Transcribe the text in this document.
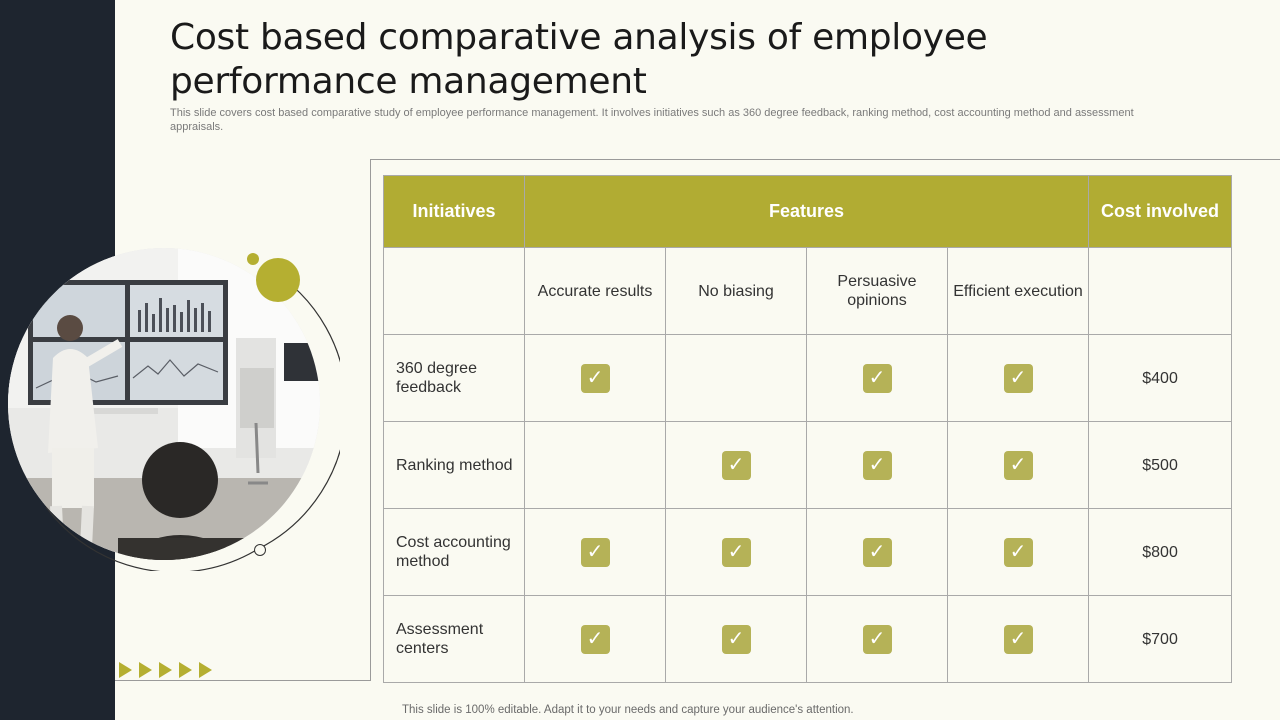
Cost based comparative analysis of employee performance management

This slide covers cost based comparative study of employee performance management. It involves initiatives such as 360 degree feedback, ranking method, cost accounting method and assessment appraisals.

Initiatives	Features				Cost involved
	Accurate results	No biasing	Persuasive opinions	Efficient execution	
360 degree feedback	✓		✓	✓	$400
Ranking method		✓	✓	✓	$500
Cost accounting method	✓	✓	✓	✓	$800
Assessment centers	✓	✓	✓	✓	$700
This slide is 100% editable. Adapt it to your needs and capture your audience's attention.
